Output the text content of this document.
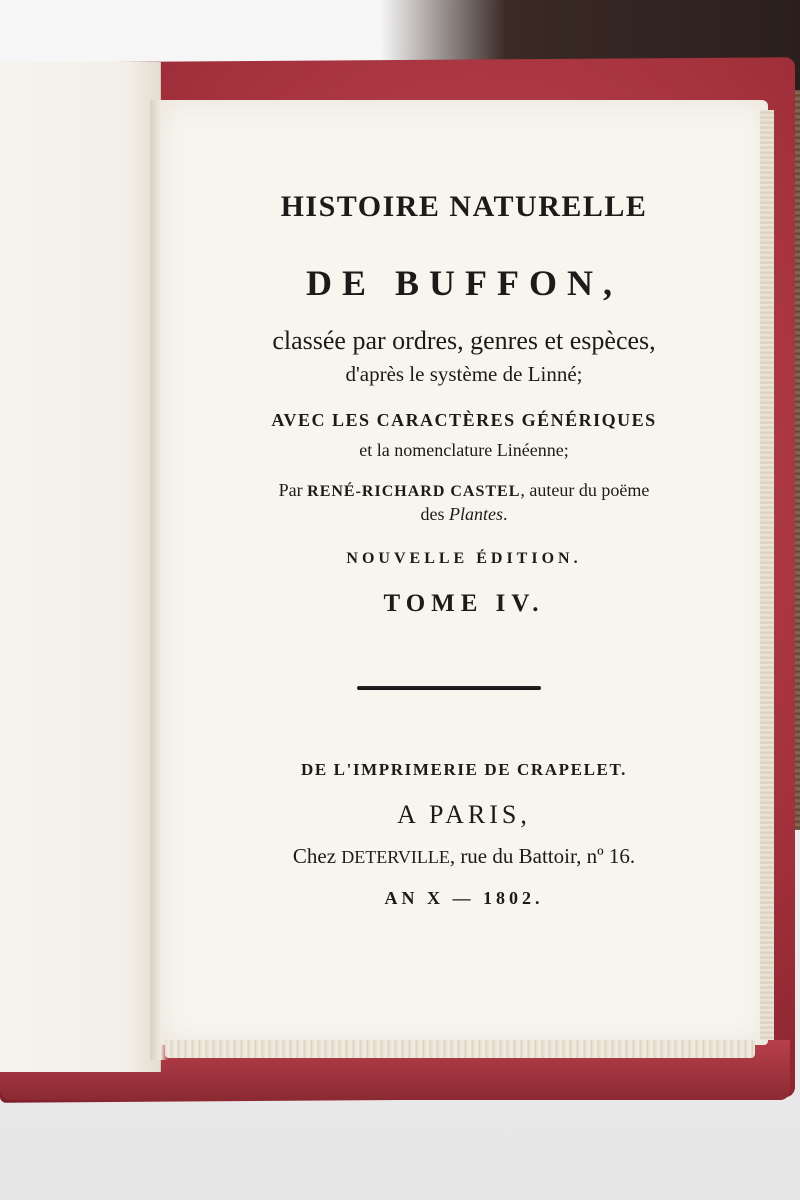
HISTOIRE NATURELLE
DE BUFFON,
classée par ordres, genres et espèces,
d'après le système de Linné;
AVEC LES CARACTÈRES GÉNÉRIQUES
et la nomenclature Linéenne;
Par RENÉ-RICHARD CASTEL, auteur du poëme
des Plantes.
NOUVELLE ÉDITION.
TOME IV.
DE L'IMPRIMERIE DE CRAPELET.
A PARIS,
Chez DETERVILLE, rue du Battoir, nº 16.
AN X — 1802.
